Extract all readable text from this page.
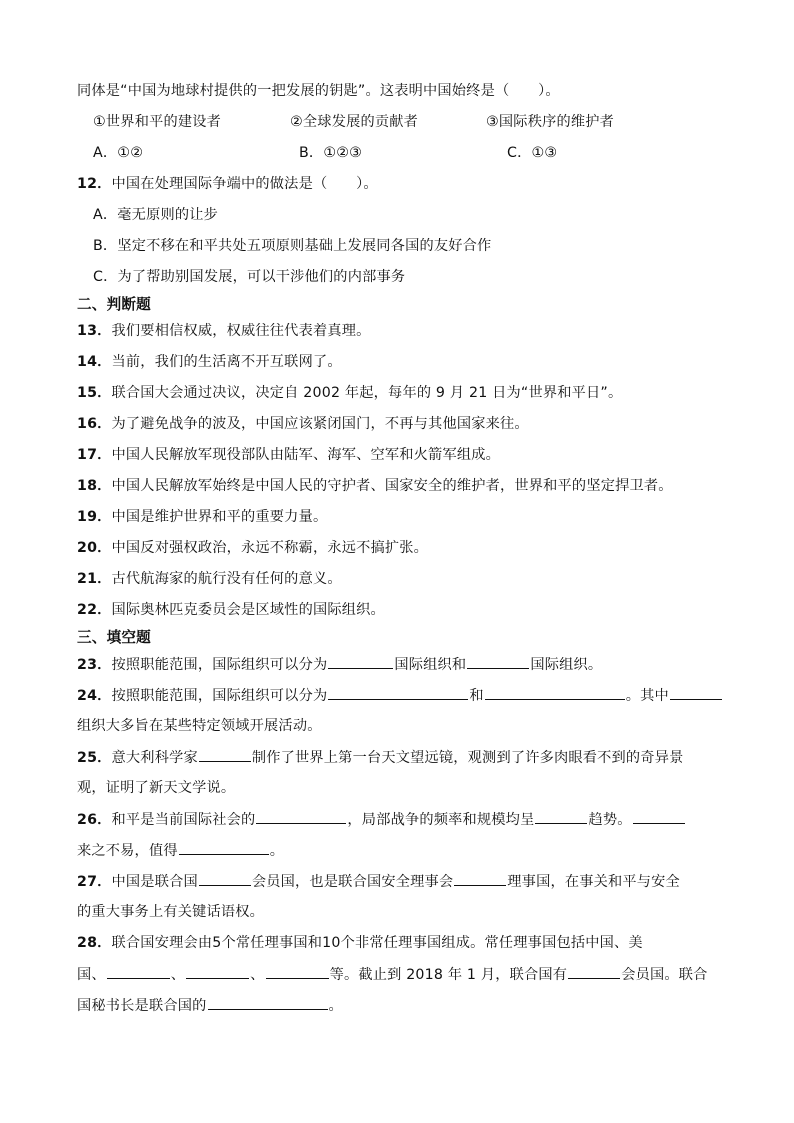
同体是“中国为地球村提供的一把发展的钥匙”。这表明中国始终是（　　）。
①世界和平的建设者	②全球发展的贡献者	③国际秩序的维护者
A．①②	B．①②③	C．①③
12．中国在处理国际争端中的做法是（　　）。
A．毫无原则的让步
B．坚定不移在和平共处五项原则基础上发展同各国的友好合作
C．为了帮助别国发展，可以干涉他们的内部事务
二、判断题
13．我们要相信权威，权威往往代表着真理。
14．当前，我们的生活离不开互联网了。
15．联合国大会通过决议，决定自 2002 年起，每年的 9 月 21 日为“世界和平日”。
16．为了避免战争的波及，中国应该紧闭国门，不再与其他国家来往。
17．中国人民解放军现役部队由陆军、海军、空军和火箭军组成。
18．中国人民解放军始终是中国人民的守护者、国家安全的维护者，世界和平的坚定捍卫者。
19．中国是维护世界和平的重要力量。
20．中国反对强权政治，永远不称霸，永远不搞扩张。
21．古代航海家的航行没有任何的意义。
22．国际奥林匹克委员会是区域性的国际组织。
三、填空题
23．按照职能范围，国际组织可以分为	国际组织和	国际组织。
24．按照职能范围，国际组织可以分为	和	。其中
组织大多旨在某些特定领域开展活动。
25．意大利科学家	制作了世界上第一台天文望远镜，观测到了许多肉眼看不到的奇异景
观，证明了新天文学说。
26．和平是当前国际社会的	，局部战争的频率和规模均呈	趋势。
来之不易，值得	。
27．中国是联合国	会员国，也是联合国安全理事会	理事国，在事关和平与安全
的重大事务上有关键话语权。
28．联合国安理会由5个常任理事国和10个非常任理事国组成。常任理事国包括中国、美
国、	、	、	等。截止到 2018 年 1 月，联合国有	会员国。联合
国秘书长是联合国的	。
